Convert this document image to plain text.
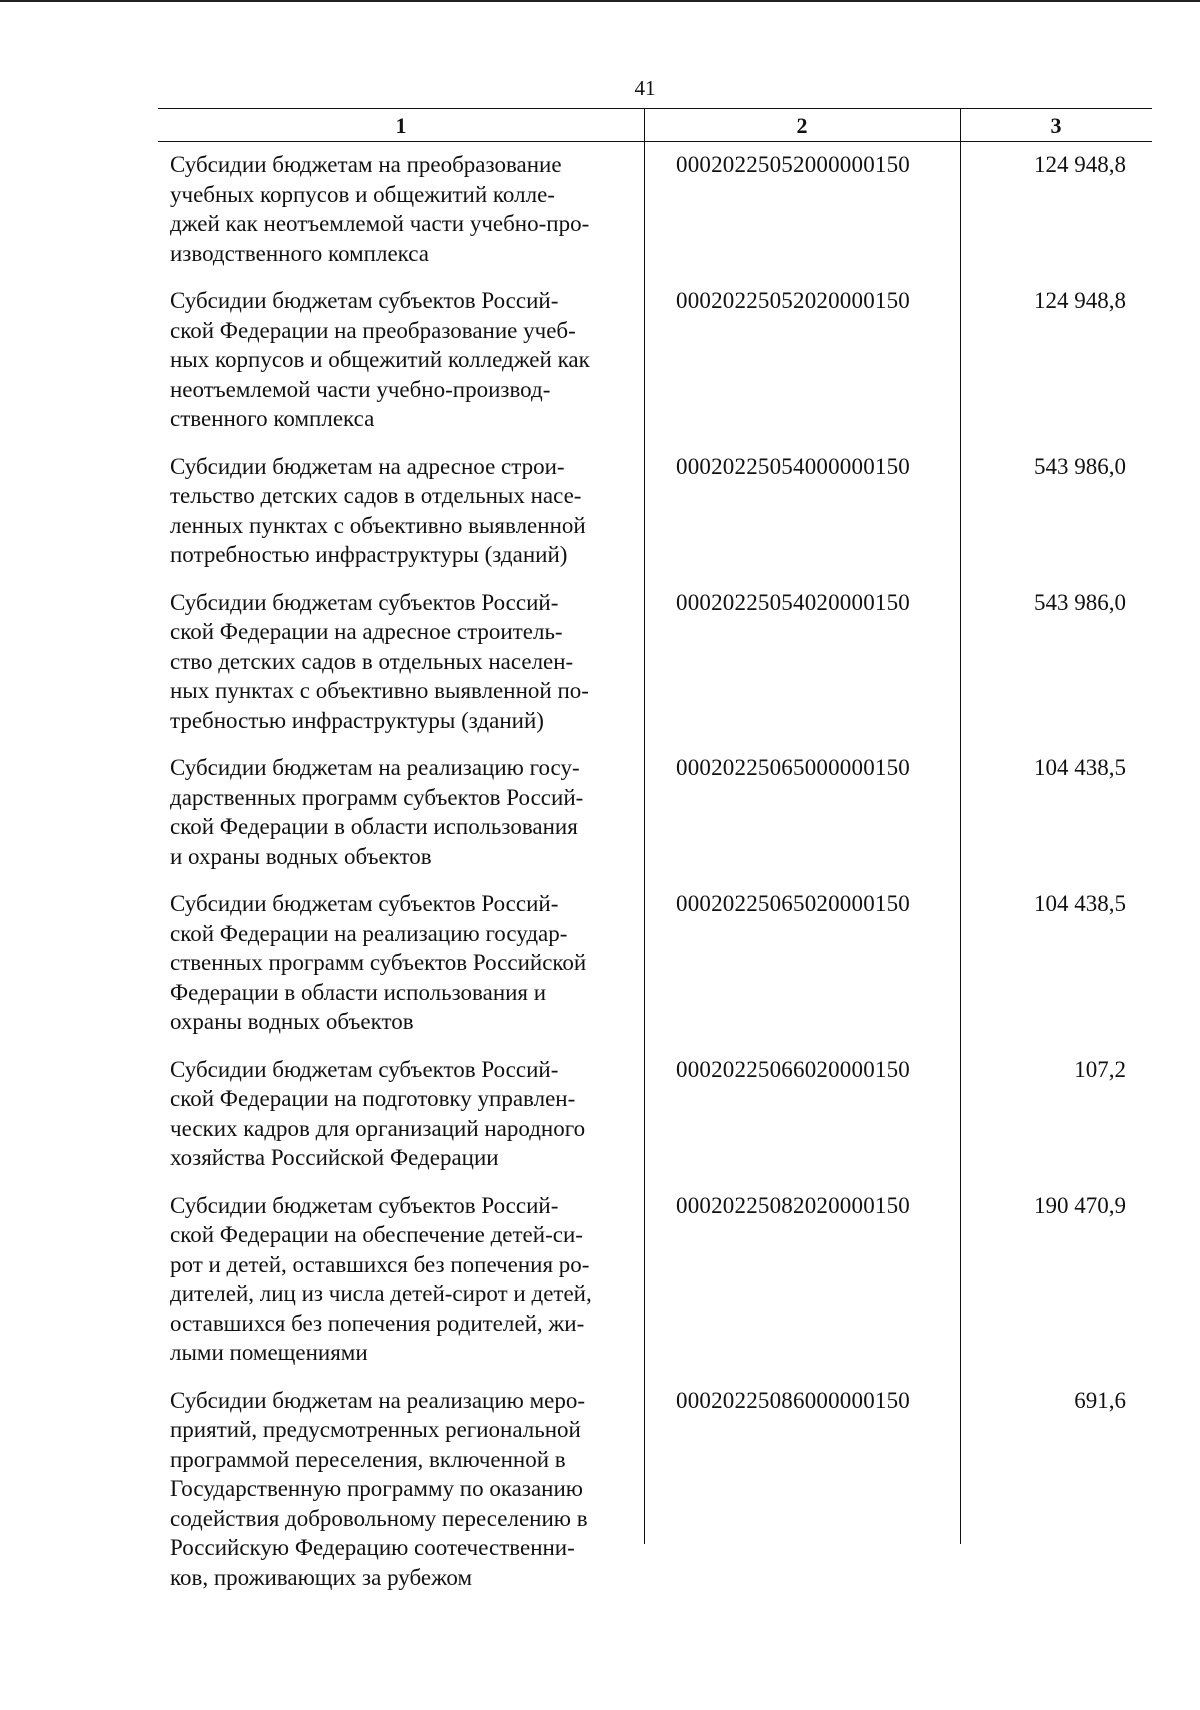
41
1	2	3
Субсидии бюджетам на преобразование
учебных корпусов и общежитий колле-
джей как неотъемлемой части учебно-про-
изводственного комплекса
00020225052000000150	124 948,8
Субсидии бюджетам субъектов Россий-
ской Федерации на преобразование учеб-
ных корпусов и общежитий колледжей как
неотъемлемой части учебно-производ-
ственного комплекса
00020225052020000150	124 948,8
Субсидии бюджетам на адресное строи-
тельство детских садов в отдельных насе-
ленных пунктах с объективно выявленной
потребностью инфраструктуры (зданий)
00020225054000000150	543 986,0
Субсидии бюджетам субъектов Россий-
ской Федерации на адресное строитель-
ство детских садов в отдельных населен-
ных пунктах с объективно выявленной по-
требностью инфраструктуры (зданий)
00020225054020000150	543 986,0
Субсидии бюджетам на реализацию госу-
дарственных программ субъектов Россий-
ской Федерации в области использования
и охраны водных объектов
00020225065000000150	104 438,5
Субсидии бюджетам субъектов Россий-
ской Федерации на реализацию государ-
ственных программ субъектов Российской
Федерации в области использования и
охраны водных объектов
00020225065020000150	104 438,5
Субсидии бюджетам субъектов Россий-
ской Федерации на подготовку управлен-
ческих кадров для организаций народного
хозяйства Российской Федерации
00020225066020000150	107,2
Субсидии бюджетам субъектов Россий-
ской Федерации на обеспечение детей-си-
рот и детей, оставшихся без попечения ро-
дителей, лиц из числа детей-сирот и детей,
оставшихся без попечения родителей, жи-
лыми помещениями
00020225082020000150	190 470,9
Субсидии бюджетам на реализацию меро-
приятий, предусмотренных региональной
программой переселения, включенной в
Государственную программу по оказанию
содействия добровольному переселению в
Российскую Федерацию соотечественни-
ков, проживающих за рубежом
00020225086000000150	691,6
